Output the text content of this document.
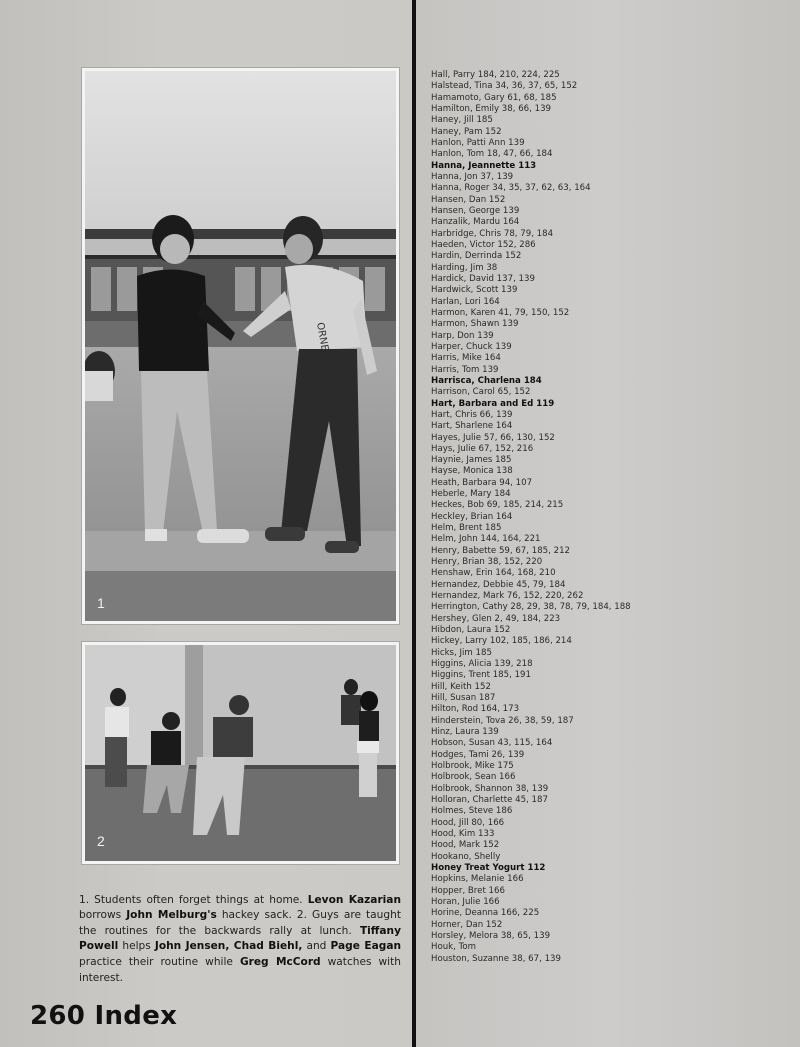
ORNE
1
2

1. Students often forget things at home. Levon Kazarian borrows John Melburg's hackey sack. 2. Guys are taught the routines for the backwards rally at lunch. Tiffany Powell helps John Jensen, Chad Biehl, and Page Eagan practice their routine while Greg McCord watches with interest.

260 Index
Hall, Parry 184, 210, 224, 225
Halstead, Tina 34, 36, 37, 65, 152
Hamamoto, Gary 61, 68, 185
Hamilton, Emily 38, 66, 139
Haney, Jill 185
Haney, Pam 152
Hanlon, Patti Ann 139
Hanlon, Tom 18, 47, 66, 184
Hanna, Jeannette 113
Hanna, Jon 37, 139
Hanna, Roger 34, 35, 37, 62, 63, 164
Hansen, Dan 152
Hansen, George 139
Hanzalik, Mardu 164
Harbridge, Chris 78, 79, 184
Haeden, Victor 152, 286
Hardin, Derrinda 152
Harding, Jim 38
Hardick, David 137, 139
Hardwick, Scott 139
Harlan, Lori 164
Harmon, Karen 41, 79, 150, 152
Harmon, Shawn 139
Harp, Don 139
Harper, Chuck 139
Harris, Mike 164
Harris, Tom 139
Harrisca, Charlena 184
Harrison, Carol 65, 152
Hart, Barbara and Ed 119
Hart, Chris 66, 139
Hart, Sharlene 164
Hayes, Julie 57, 66, 130, 152
Hays, Julie 67, 152, 216
Haynie, James 185
Hayse, Monica 138
Heath, Barbara 94, 107
Heberle, Mary 184
Heckes, Bob 69, 185, 214, 215
Heckley, Brian 164
Helm, Brent 185
Helm, John 144, 164, 221
Henry, Babette 59, 67, 185, 212
Henry, Brian 38, 152, 220
Henshaw, Erin 164, 168, 210
Hernandez, Debbie 45, 79, 184
Hernandez, Mark 76, 152, 220, 262
Herrington, Cathy 28, 29, 38, 78, 79, 184, 188
Hershey, Glen 2, 49, 184, 223
Hibdon, Laura 152
Hickey, Larry 102, 185, 186, 214
Hicks, Jim 185
Higgins, Alicia 139, 218
Higgins, Trent 185, 191
Hill, Keith 152
Hill, Susan 187
Hilton, Rod 164, 173
Hinderstein, Tova 26, 38, 59, 187
Hinz, Laura 139
Hobson, Susan 43, 115, 164
Hodges, Tami 26, 139
Holbrook, Mike 175
Holbrook, Sean 166
Holbrook, Shannon 38, 139
Holloran, Charlette 45, 187
Holmes, Steve 186
Hood, Jill 80, 166
Hood, Kim 133
Hood, Mark 152
Hookano, Shelly
Honey Treat Yogurt 112
Hopkins, Melanie 166
Hopper, Bret 166
Horan, Julie 166
Horine, Deanna 166, 225
Horner, Dan 152
Horsley, Melora 38, 65, 139
Houk, Tom
Houston, Suzanne 38, 67, 139
